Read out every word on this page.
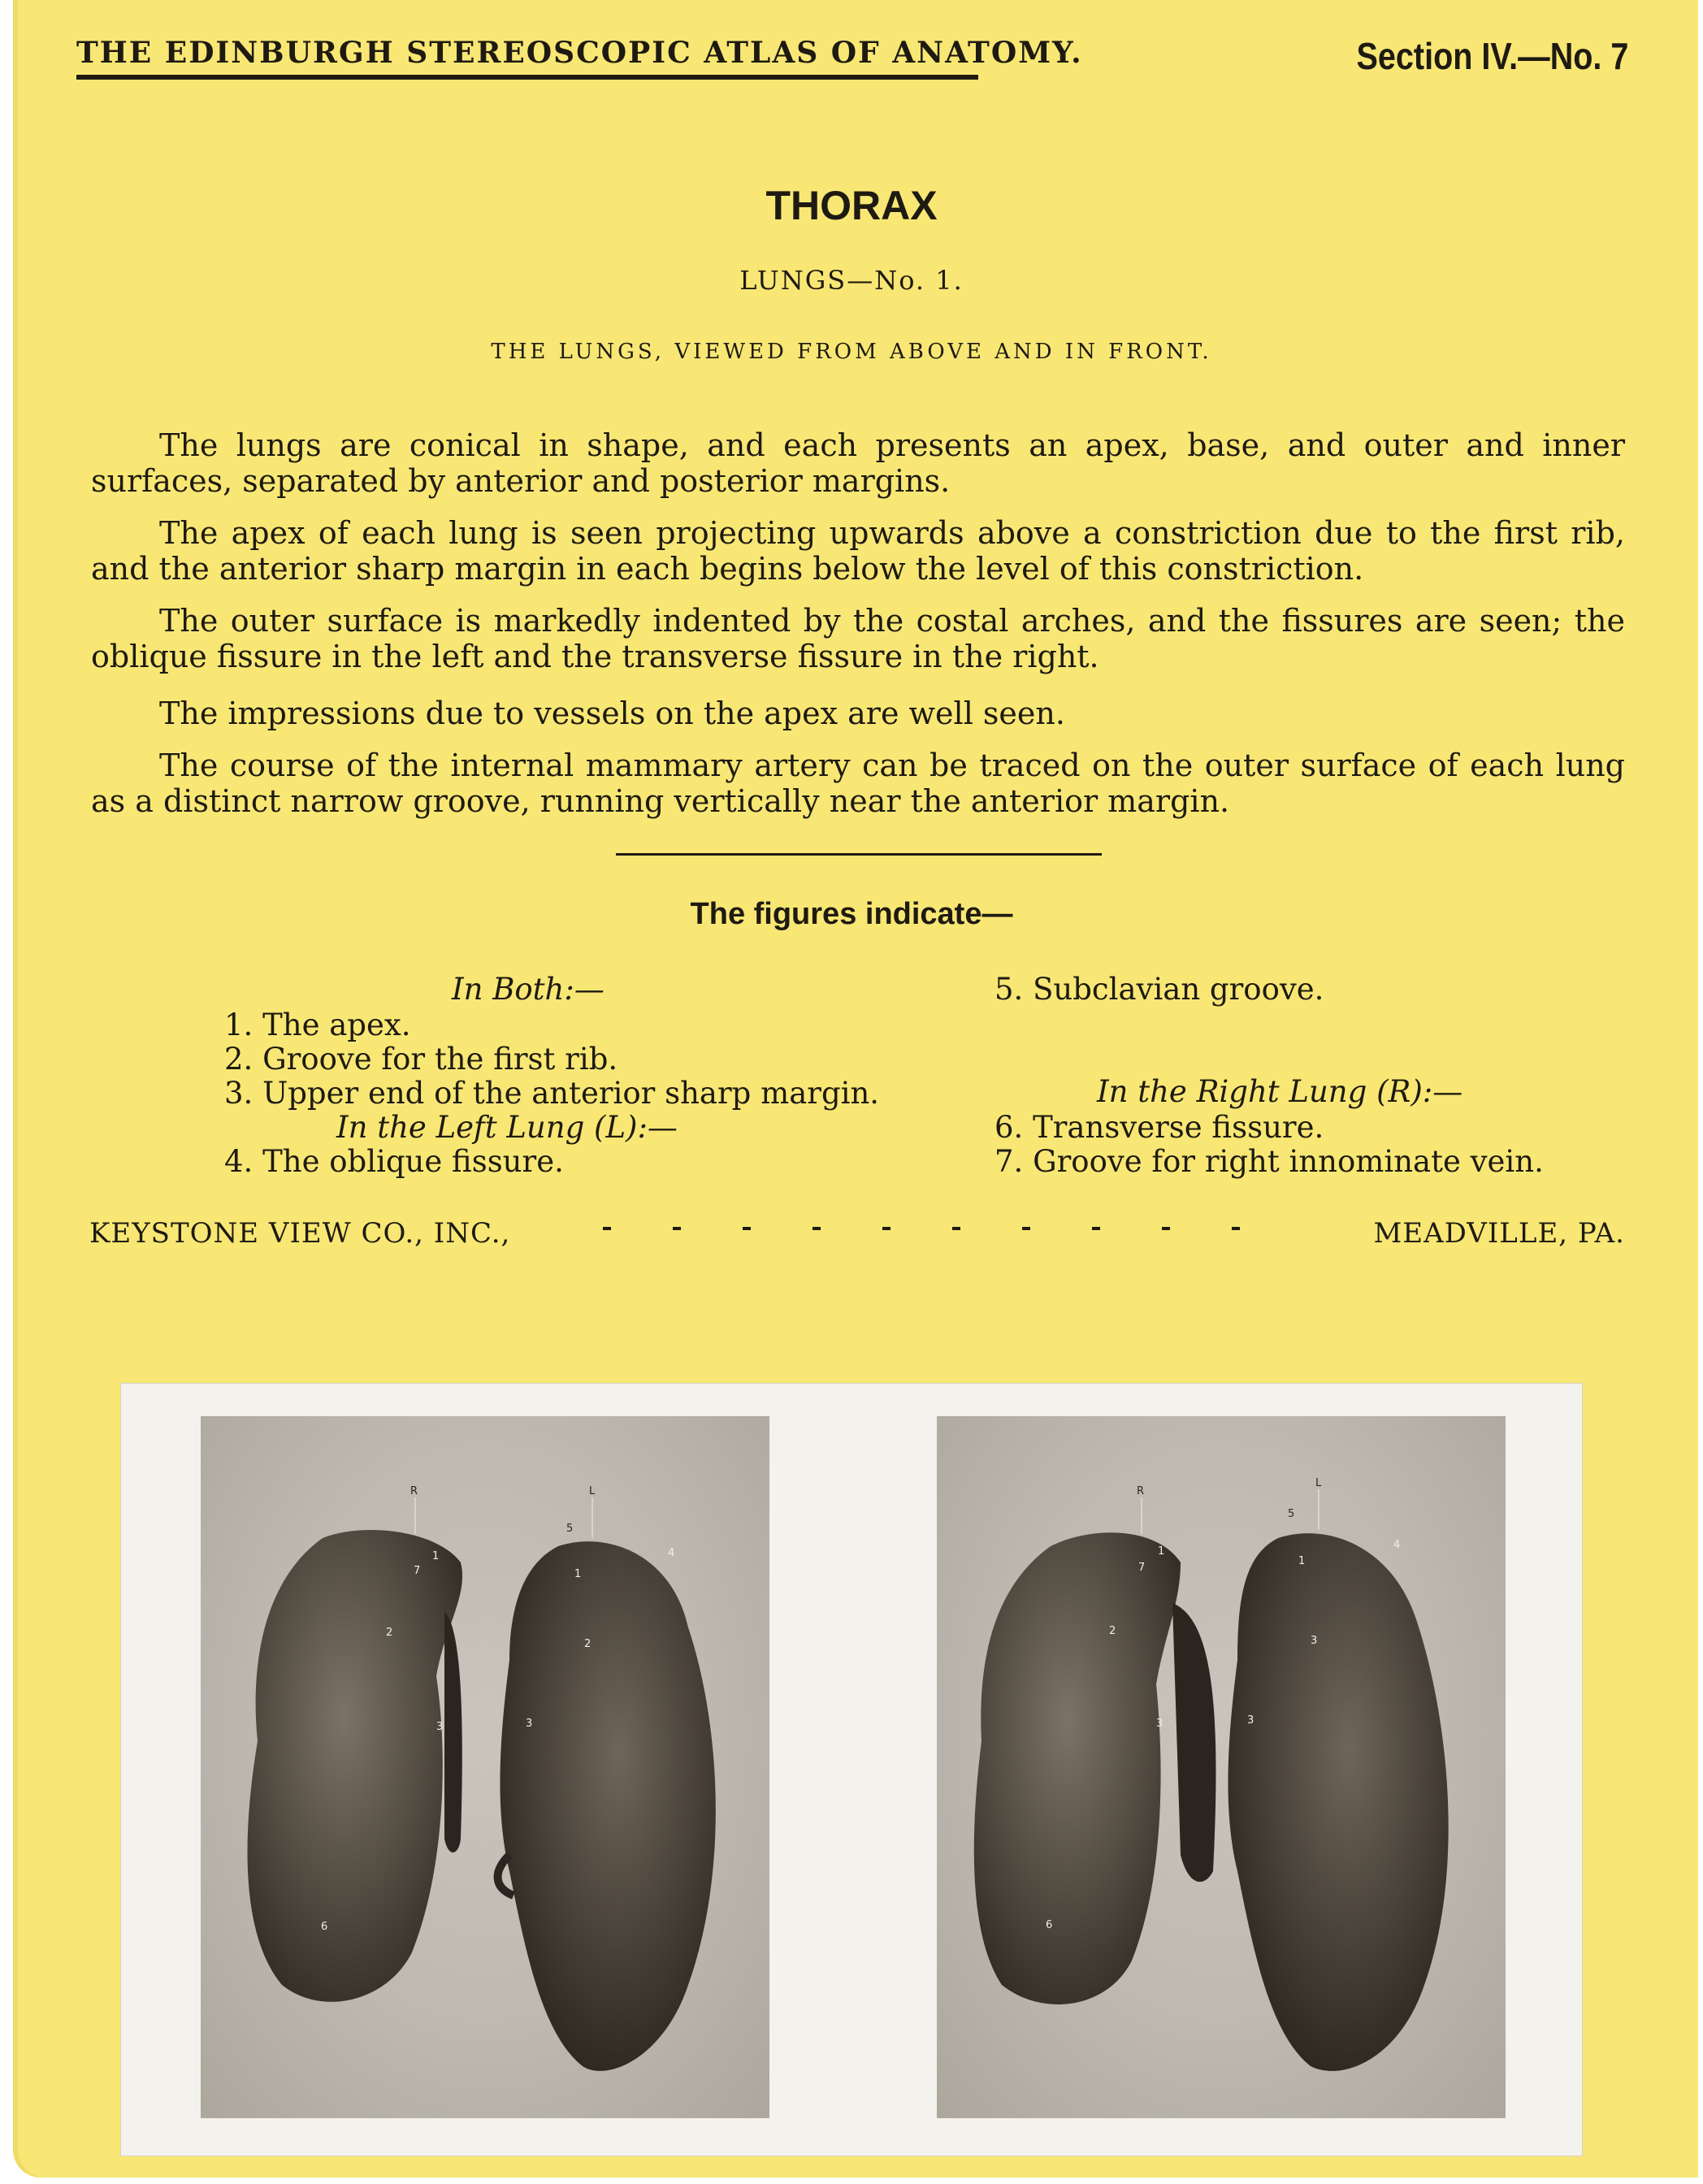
THE EDINBURGH STEREOSCOPIC ATLAS OF ANATOMY.	Section IV.—No. 7
THORAX
LUNGS—No. 1.
THE LUNGS, VIEWED FROM ABOVE AND IN FRONT.
The lungs are conical in shape, and each presents an apex, base, and outer and inner surfaces, separated by anterior and posterior margins.
The apex of each lung is seen projecting upwards above a constriction due to the first rib, and the anterior sharp margin in each begins below the level of this constriction.
The outer surface is markedly indented by the costal arches, and the fissures are seen; the oblique fissure in the left and the transverse fissure in the right.
The impressions due to vessels on the apex are well seen.
The course of the internal mammary artery can be traced on the outer surface of each lung as a distinct narrow groove, running vertically near the anterior margin.
The figures indicate—
In Both:—
1. The apex.
2. Groove for the first rib.
3. Upper end of the anterior sharp margin.
In the Left Lung (L):—
4. The oblique fissure.
5. Subclavian groove.
In the Right Lung (R):—
6. Transverse fissure.
7. Groove for right innominate vein.
KEYSTONE VIEW CO., INC.,	MEADVILLE, PA.
R	L
1
7
2
3
6
5
1
4
2
3
R
L
1
7
2
3
6
5
1
4
3
3
